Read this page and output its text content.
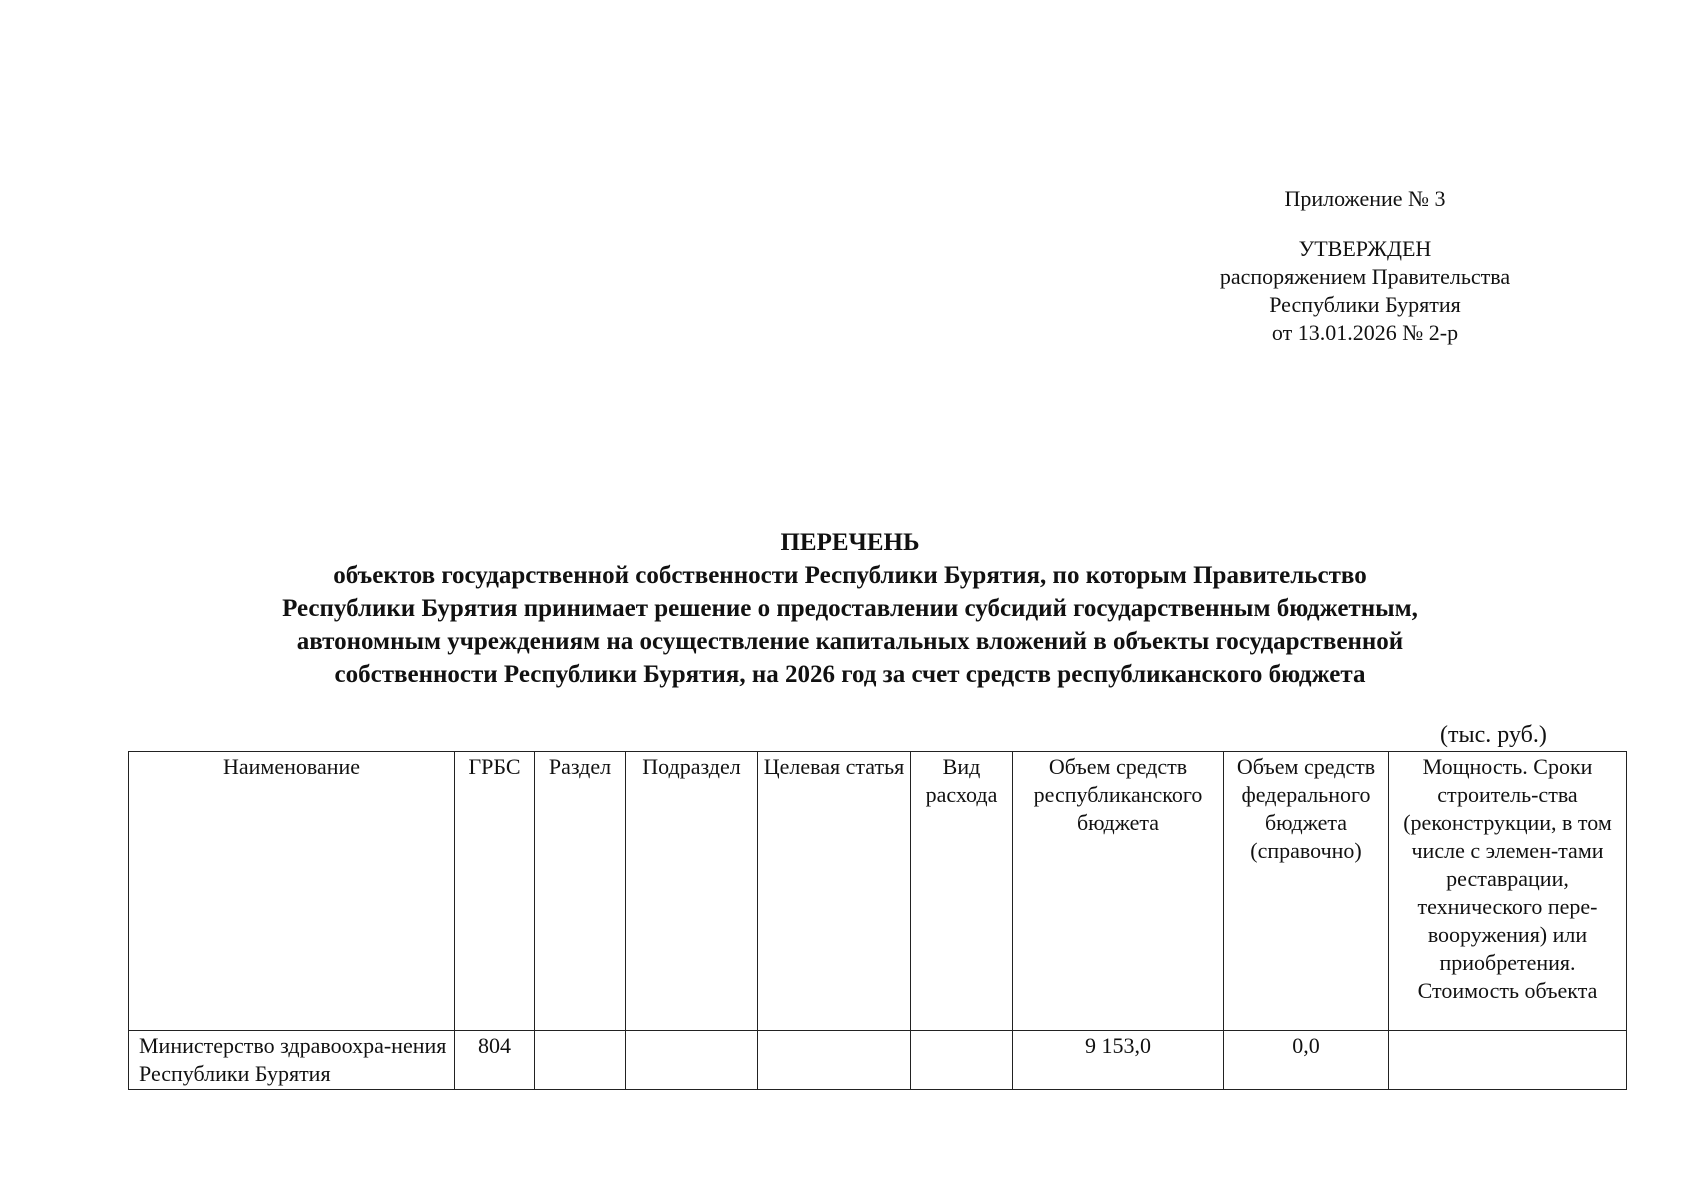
Приложение № 3
УТВЕРЖДЕН
распоряжением Правительства
Республики Бурятия
от 13.01.2026 № 2-р
ПЕРЕЧЕНЬ
объектов государственной собственности Республики Бурятия, по которым Правительство
Республики Бурятия принимает решение о предоставлении субсидий государственным бюджетным,
автономным учреждениям на осуществление капитальных вложений в объекты государственной
собственности Республики Бурятия, на 2026 год за счет средств республиканского бюджета
(тыс. руб.)
Наименование	ГРБС	Раздел	Подраздел	Целевая статья	Вид расхода	Объем средств республиканского бюджета	Объем средств федерального бюджета (справочно)	Мощность. Сроки строитель-ства (реконструкции, в том числе с элемен-тами реставрации, технического пере-вооружения) или приобретения. Стоимость объекта
Министерство здравоохра-нения Республики Бурятия	804					9 153,0	0,0	
